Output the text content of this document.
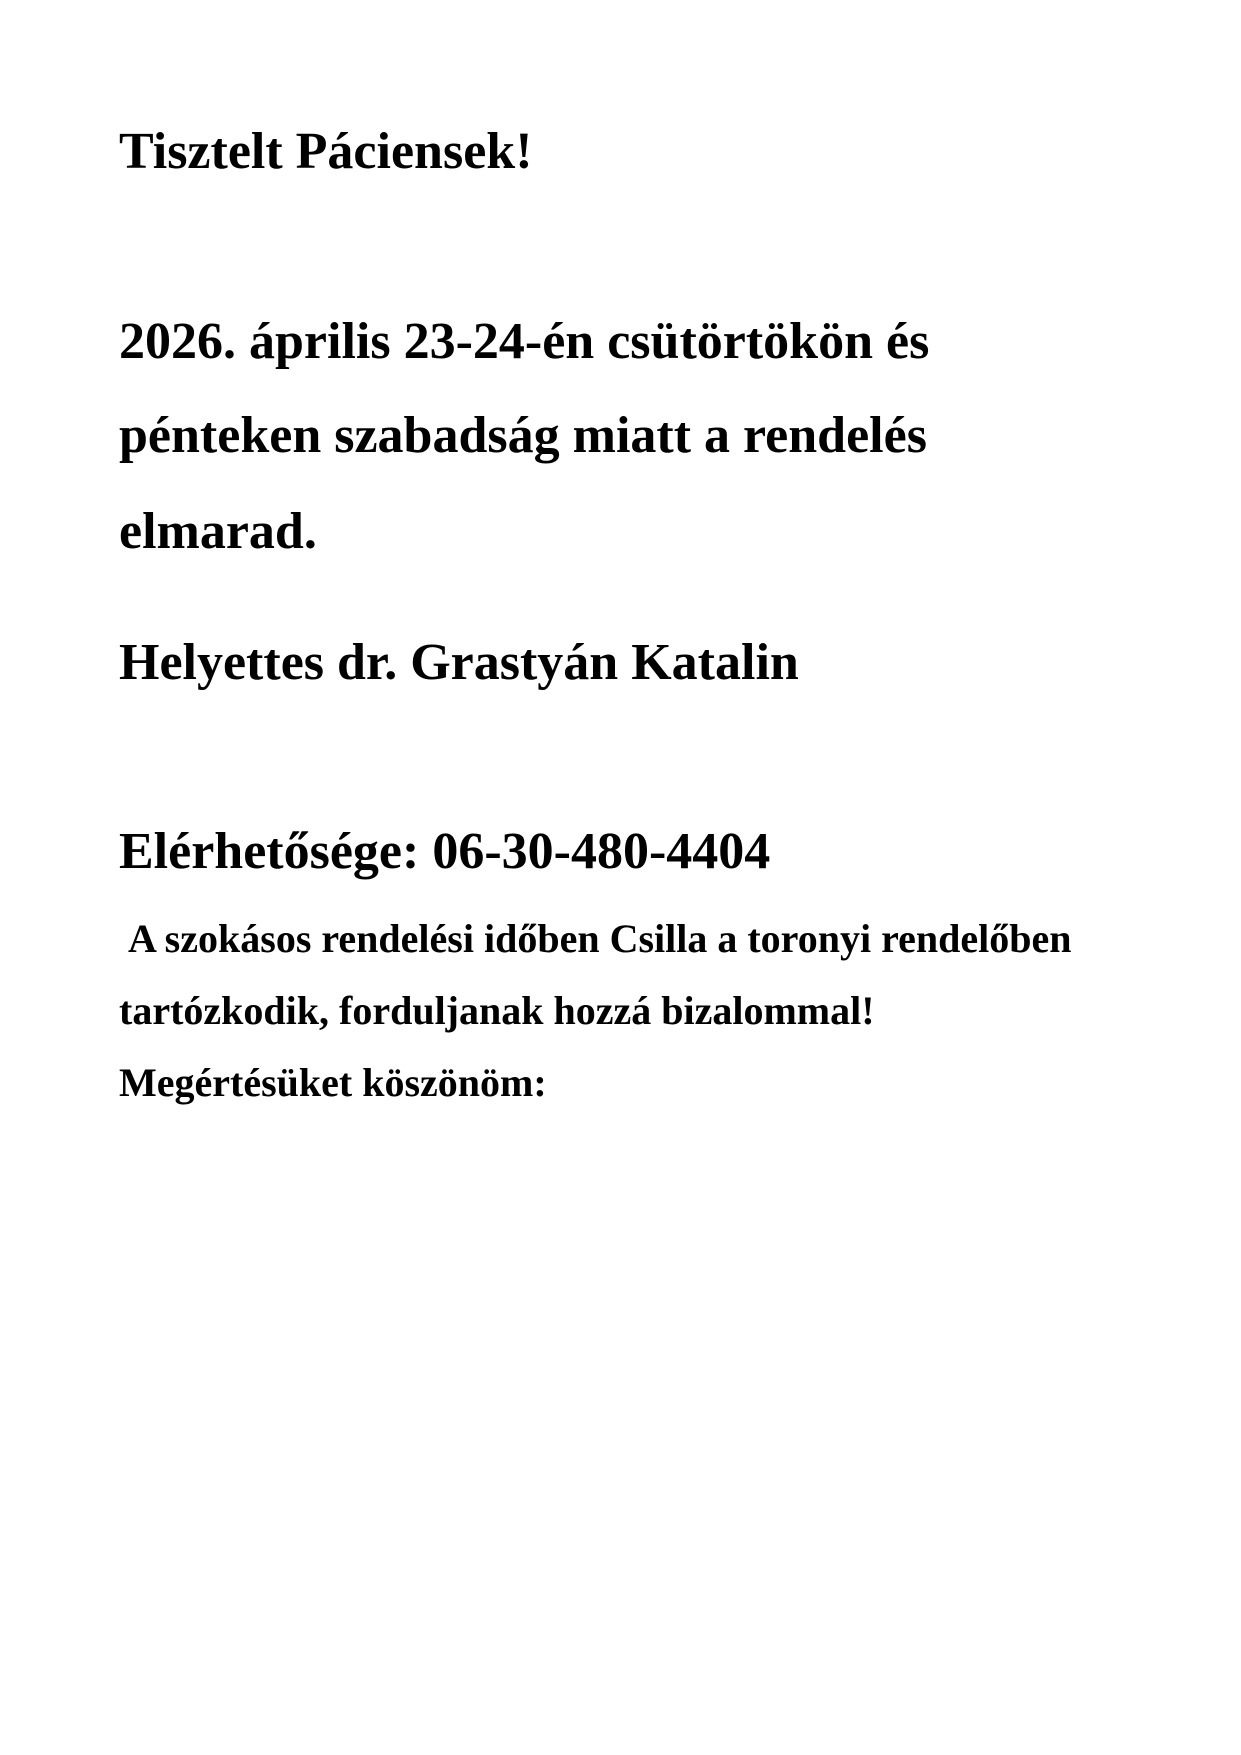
Tisztelt Páciensek!

2026. április 23-24-én csütörtökön és

pénteken szabadság miatt a rendelés

elmarad.

Helyettes dr. Grastyán Katalin

Elérhetősége: 06-30-480-4404

A szokásos rendelési időben Csilla a toronyi rendelőben

tartózkodik, forduljanak hozzá bizalommal!

Megértésüket köszönöm:
